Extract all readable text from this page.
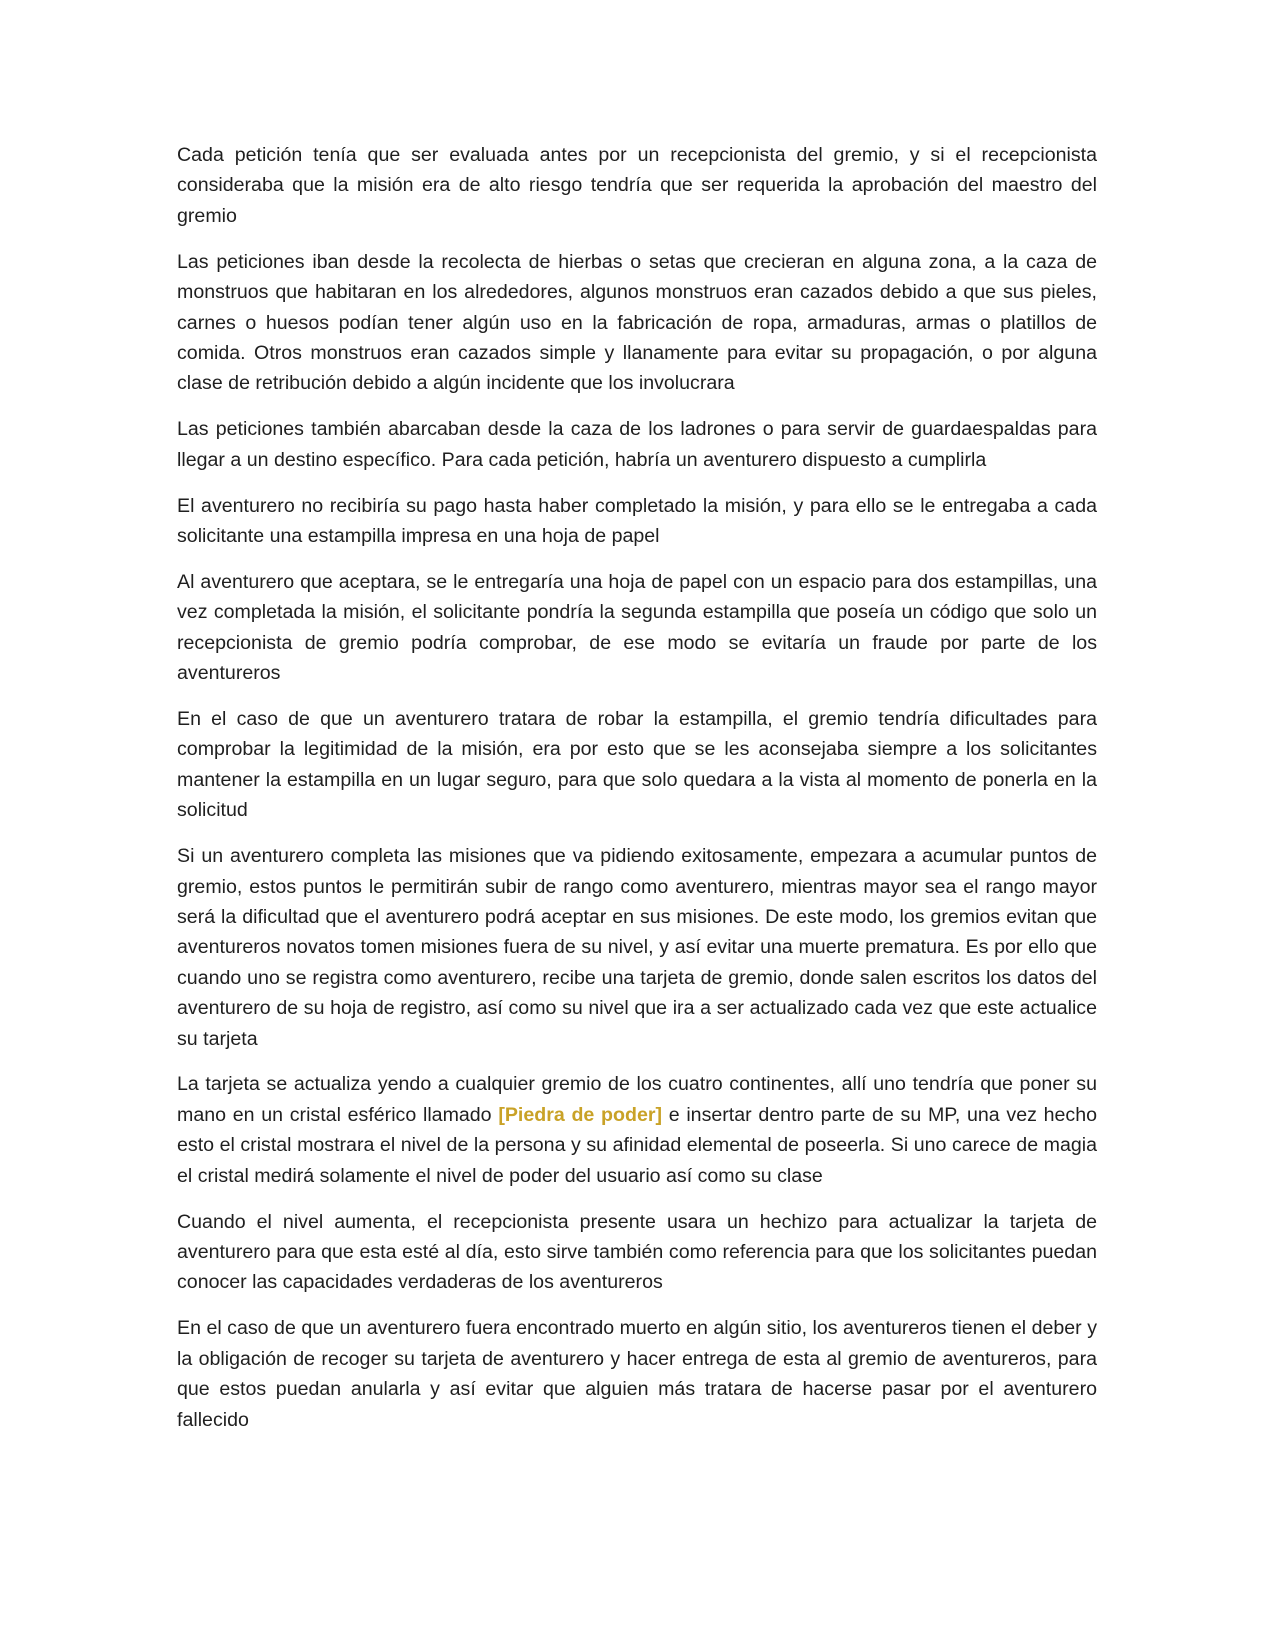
Cada petición tenía que ser evaluada antes por un recepcionista del gremio, y si el recepcionista consideraba que la misión era de alto riesgo tendría que ser requerida la aprobación del maestro del gremio

Las peticiones iban desde la recolecta de hierbas o setas que crecieran en alguna zona, a la caza de monstruos que habitaran en los alrededores, algunos monstruos eran cazados debido a que sus pieles, carnes o huesos podían tener algún uso en la fabricación de ropa, armaduras, armas o platillos de comida. Otros monstruos eran cazados simple y llanamente para evitar su propagación, o por alguna clase de retribución debido a algún incidente que los involucrara

Las peticiones también abarcaban desde la caza de los ladrones o para servir de guardaespaldas para llegar a un destino específico. Para cada petición, habría un aventurero dispuesto a cumplirla

El aventurero no recibiría su pago hasta haber completado la misión, y para ello se le entregaba a cada solicitante una estampilla impresa en una hoja de papel

Al aventurero que aceptara, se le entregaría una hoja de papel con un espacio para dos estampillas, una vez completada la misión, el solicitante pondría la segunda estampilla que poseía un código que solo un recepcionista de gremio podría comprobar, de ese modo se evitaría un fraude por parte de los aventureros

En el caso de que un aventurero tratara de robar la estampilla, el gremio tendría dificultades para comprobar la legitimidad de la misión, era por esto que se les aconsejaba siempre a los solicitantes mantener la estampilla en un lugar seguro, para que solo quedara a la vista al momento de ponerla en la solicitud

Si un aventurero completa las misiones que va pidiendo exitosamente, empezara a acumular puntos de gremio, estos puntos le permitirán subir de rango como aventurero, mientras mayor sea el rango mayor será la dificultad que el aventurero podrá aceptar en sus misiones. De este modo, los gremios evitan que aventureros novatos tomen misiones fuera de su nivel, y así evitar una muerte prematura. Es por ello que cuando uno se registra como aventurero, recibe una tarjeta de gremio, donde salen escritos los datos del aventurero de su hoja de registro, así como su nivel que ira a ser actualizado cada vez que este actualice su tarjeta

La tarjeta se actualiza yendo a cualquier gremio de los cuatro continentes, allí uno tendría que poner su mano en un cristal esférico llamado [Piedra de poder] e insertar dentro parte de su MP, una vez hecho esto el cristal mostrara el nivel de la persona y su afinidad elemental de poseerla. Si uno carece de magia el cristal medirá solamente el nivel de poder del usuario así como su clase

Cuando el nivel aumenta, el recepcionista presente usara un hechizo para actualizar la tarjeta de aventurero para que esta esté al día, esto sirve también como referencia para que los solicitantes puedan conocer las capacidades verdaderas de los aventureros

En el caso de que un aventurero fuera encontrado muerto en algún sitio, los aventureros tienen el deber y la obligación de recoger su tarjeta de aventurero y hacer entrega de esta al gremio de aventureros, para que estos puedan anularla y así evitar que alguien más tratara de hacerse pasar por el aventurero fallecido
